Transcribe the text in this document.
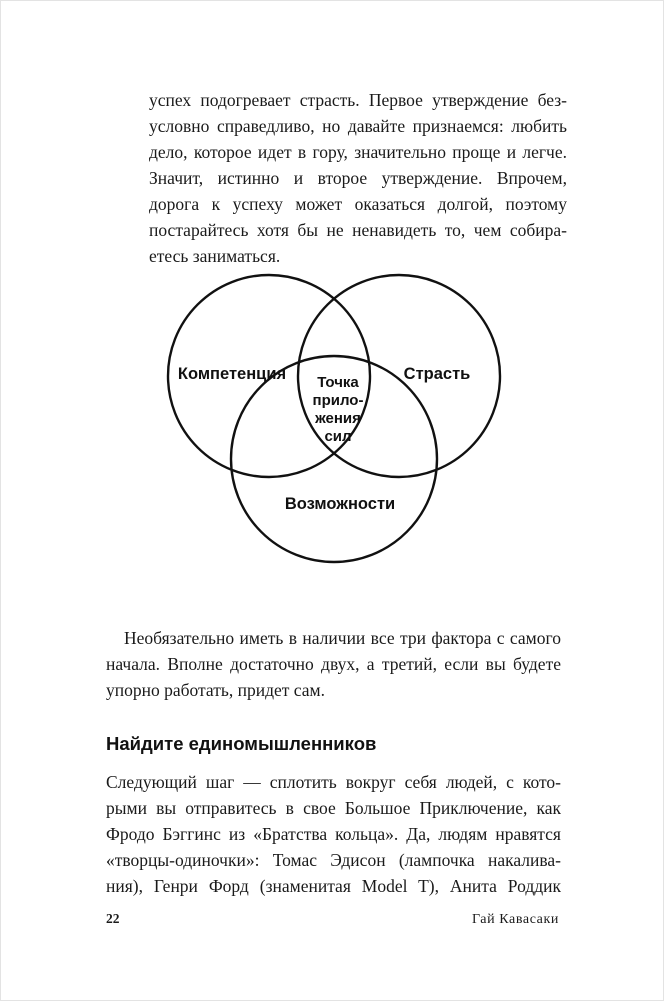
успех подогревает страсть. Первое утверждение без-
условно справедливо, но давайте признаемся: любить
дело, которое идет в гору, значительно проще и легче.
Значит, истинно и второе утверждение. Впрочем,
дорога к успеху может оказаться долгой, поэтому
постарайтесь хотя бы не ненавидеть то, чем собира-
етесь заниматься.
Компетенция	Страсть
Возможности
Точка
прило-
жения
сил
Необязательно иметь в наличии все три фактора с самого
начала. Вполне достаточно двух, а третий, если вы будете
упорно работать, придет сам.
Найдите единомышленников
Следующий шаг — сплотить вокруг себя людей, с кото-
рыми вы отправитесь в свое Большое Приключение, как
Фродо Бэггинс из «Братства кольца». Да, людям нравятся
«творцы-одиночки»: Томас Эдисон (лампочка накалива-
ния), Генри Форд (знаменитая Model T), Анита Роддик
22	Гай Кавасаки
